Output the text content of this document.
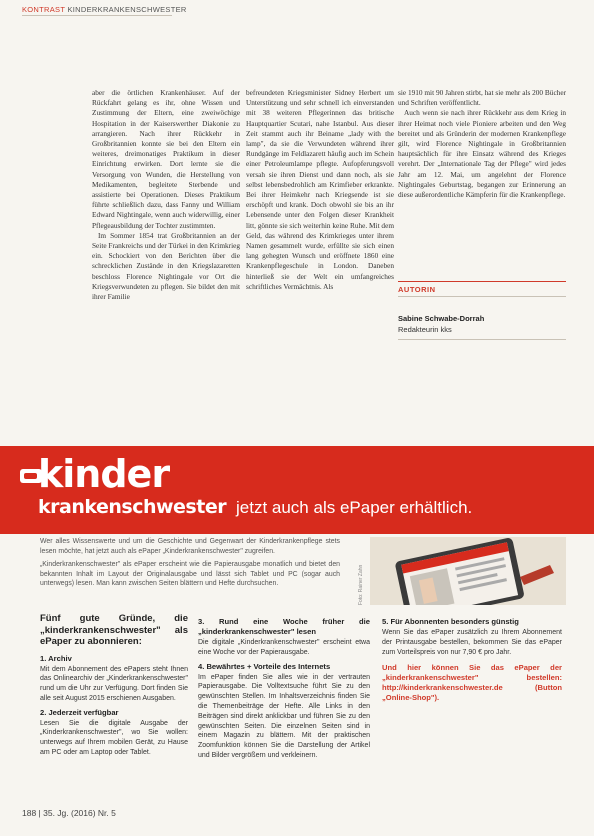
KONTRAST KINDERKRANKENSCHWESTER

aber die örtlichen Krankenhäuser. Auf der Rückfahrt gelang es ihr, ohne Wissen und Zustimmung der Eltern, eine zweiwöchige Hospitation in der Kaiserswerther Diakonie zu arrangieren. Nach ihrer Rückkehr in Großbritannien konnte sie bei den Eltern ein weiteres, dreimonatiges Praktikum in dieser Einrichtung erwirken. Dort lernte sie die Versorgung von Wunden, die Herstellung von Medikamenten, begleitete Sterbende und assistierte bei Operationen. Dieses Praktikum führte schließlich dazu, dass Fanny und William Edward Nightingale, wenn auch widerwillig, einer Pflegeausbildung der Tochter zustimmten.

Im Sommer 1854 trat Großbritannien an der Seite Frankreichs und der Türkei in den Krimkrieg ein. Schockiert von den Berichten über die schrecklichen Zustände in den Kriegslazaretten beschloss Florence Nightingale vor Ort die Kriegsverwundeten zu pflegen. Sie bildet den mit ihrer Familie

befreundeten Kriegsminister Sidney Herbert um Unterstützung und sehr schnell ich einverstanden mit 38 weiteren Pflegerinnen das britische Hauptquartier Scutari, nahe Istanbul. Aus dieser Zeit stammt auch ihr Beiname „lady with the lamp", da sie die Verwundeten während ihrer Rundgänge im Feldlazarett häufig auch im Schein einer Petroleumlampe pflegte. Aufopferungsvoll versah sie ihren Dienst und dann noch, als sie selbst lebensbedrohlich am Krimfieber erkrankte. Bei ihrer Heimkehr nach Kriegsende ist sie erschöpft und krank. Doch obwohl sie bis an ihr Lebensende unter den Folgen dieser Krankheit litt, gönnte sie sich weiterhin keine Ruhe. Mit dem Geld, das während des Krimkrieges unter ihrem Namen gesammelt wurde, erfüllte sie sich einen lang gehegten Wunsch und eröffnete 1860 eine Krankenpflegeschule in London. Daneben hinterließ sie der Welt ein umfangreiches schriftliches Vermächtnis. Als

sie 1910 mit 90 Jahren stirbt, hat sie mehr als 200 Bücher und Schriften veröffentlicht.

Auch wenn sie nach ihrer Rückkehr aus dem Krieg in ihrer Heimat noch viele Pioniere arbeiten und den Weg bereitet und als Gründerin der modernen Krankenpflege gilt, wird Florence Nightingale in Großbritannien hauptsächlich für ihre Einsatz während des Krieges verehrt. Der „Internationale Tag der Pflege" wird jedes Jahr am 12. Mai, um angelehnt der Florence Nightingales Geburtstag, begangen zur Erinnerung an diese außerordentliche Kämpferin für die Krankenpflege.

AUTORIN
Sabine Schwabe-Dorrah
Redakteurin kks
kinder
krankenschwester jetzt auch als ePaper erhältlich.

Wer alles Wissenswerte und um die Geschichte und Gegenwart der Kinderkrankenpflege stets lesen möchte, hat jetzt auch als ePaper „Kinderkrankenschwester" zugreifen.

„Kinderkrankenschwester" als ePaper erscheint wie die Papierausgabe monatlich und bietet den bekannten Inhalt im Layout der Originalausgabe und lässt sich Tablet und PC (sogar auch unterwegs) lesen. Man kann zwischen Seiten blättern und Hefte durchsuchen.	Foto: Rainer Zahn
Fünf gute Gründe, die „kinderkrankenschwester" als ePaper zu abonnieren:
1. Archiv

Mit dem Abonnement des ePapers steht Ihnen das Onlinearchiv der „Kinderkrankenschwester" rund um die Uhr zur Verfügung. Dort finden Sie alle seit August 2015 erschienen Ausgaben.

2. Jederzeit verfügbar

Lesen Sie die digitale Ausgabe der „Kinderkrankenschwester", wo Sie wollen: unterwegs auf Ihrem mobilen Gerät, zu Hause am PC oder am Laptop oder Tablet.

3. Rund eine Woche früher die „kinderkrankenschwester" lesen

Die digitale „Kinderkrankenschwester" erscheint etwa eine Woche vor der Papierausgabe.

4. Bewährtes + Vorteile des Internets

Im ePaper finden Sie alles wie in der vertrauten Papierausgabe. Die Volltextsuche führt Sie zu den gewünschten Stellen. Im Inhaltsverzeichnis finden Sie die Themenbeiträge der Hefte. Alle Links in den Beiträgen sind direkt anklickbar und führen Sie zu den gewünschten Seiten. Die einzelnen Seiten sind in einem Magazin zu blättern. Mit der praktischen Zoomfunktion können Sie die Darstellung der Artikel und Bilder vergrößern und verkleinern.

5. Für Abonnenten besonders günstig

Wenn Sie das ePaper zusätzlich zu Ihrem Abonnement der Printausgabe bestellen, bekommen Sie das ePaper zum Vorteilspreis von nur 7,90 € pro Jahr.

Und hier können Sie das ePaper der „kinderkrankenschwester" bestellen: http://kinderkrankenschwester.de (Button „Online-Shop").

188 | 35. Jg. (2016) Nr. 5
